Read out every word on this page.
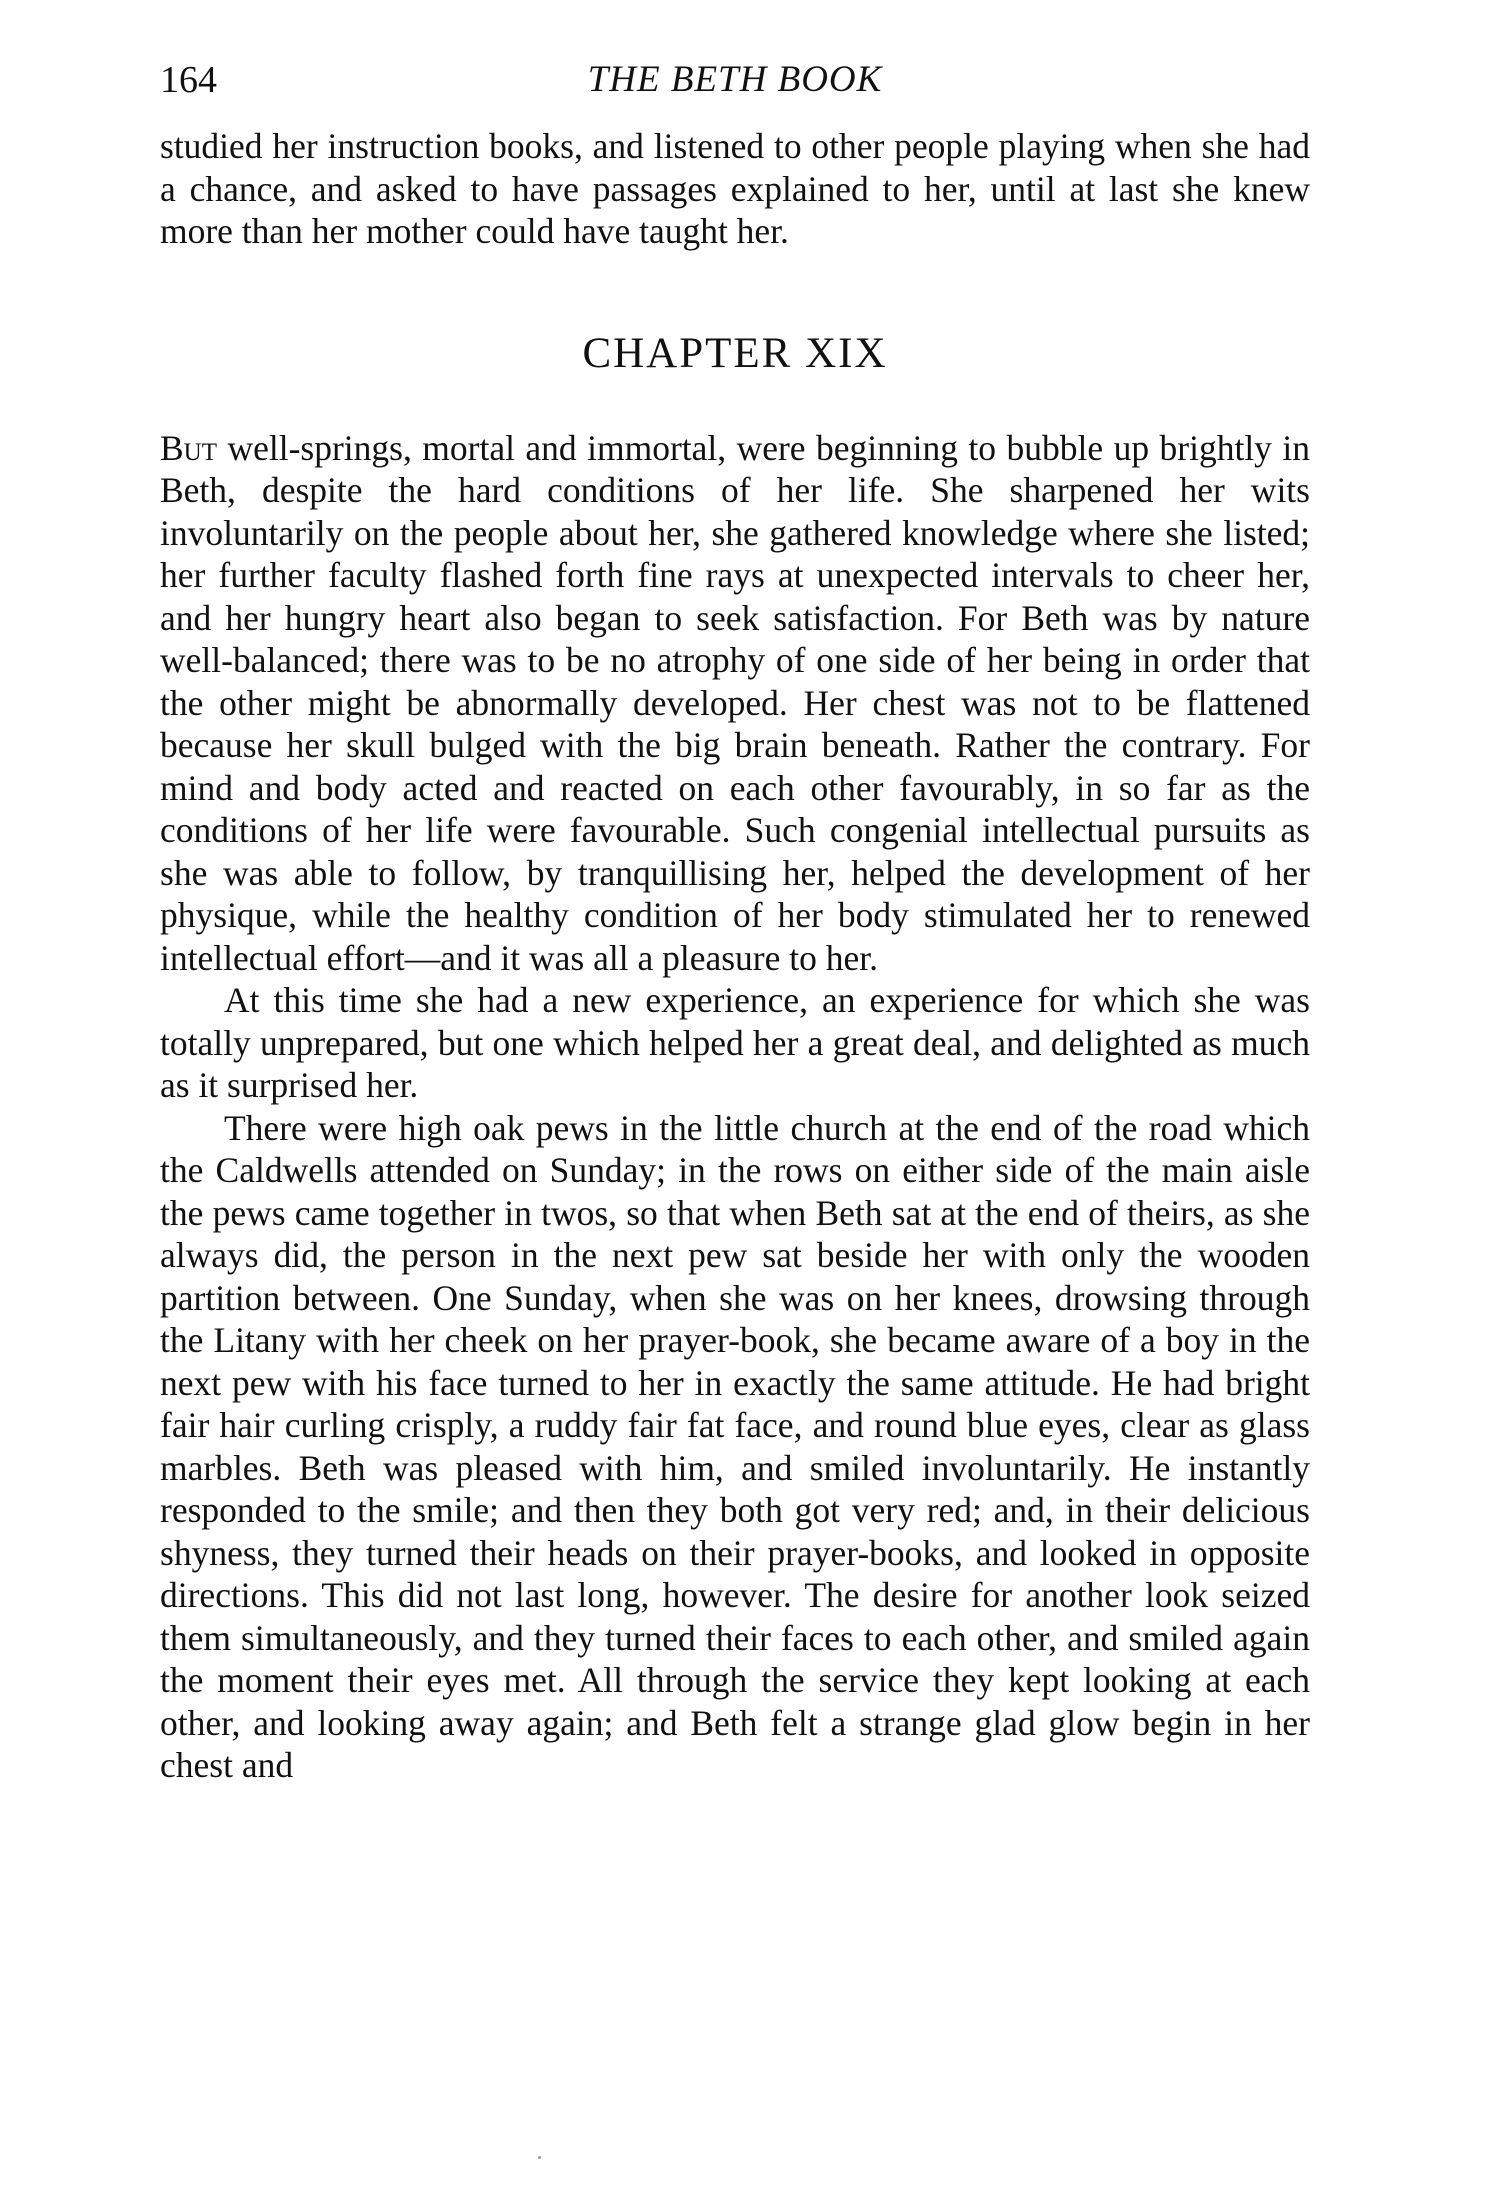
164	THE BETH BOOK

studied her instruction books, and listened to other people playing when she had a chance, and asked to have passages explained to her, until at last she knew more than her mother could have taught her.

CHAPTER XIX

But well-springs, mortal and immortal, were beginning to bubble up brightly in Beth, despite the hard conditions of her life. She sharpened her wits involuntarily on the people about her, she gathered knowledge where she listed; her further faculty flashed forth fine rays at unexpected intervals to cheer her, and her hungry heart also began to seek satisfaction. For Beth was by nature well-balanced; there was to be no atrophy of one side of her being in order that the other might be abnormally developed. Her chest was not to be flattened because her skull bulged with the big brain beneath. Rather the contrary. For mind and body acted and reacted on each other favourably, in so far as the conditions of her life were favourable. Such congenial intellectual pursuits as she was able to follow, by tranquillising her, helped the development of her physique, while the healthy condition of her body stimulated her to renewed intellectual effort—and it was all a pleasure to her.

At this time she had a new experience, an experience for which she was totally unprepared, but one which helped her a great deal, and delighted as much as it surprised her.

There were high oak pews in the little church at the end of the road which the Caldwells attended on Sunday; in the rows on either side of the main aisle the pews came together in twos, so that when Beth sat at the end of theirs, as she always did, the person in the next pew sat beside her with only the wooden partition between. One Sunday, when she was on her knees, drowsing through the Litany with her cheek on her prayer-book, she became aware of a boy in the next pew with his face turned to her in exactly the same attitude. He had bright fair hair curling crisply, a ruddy fair fat face, and round blue eyes, clear as glass marbles. Beth was pleased with him, and smiled involuntarily. He instantly responded to the smile; and then they both got very red; and, in their delicious shyness, they turned their heads on their prayer-books, and looked in opposite directions. This did not last long, however. The desire for another look seized them simultaneously, and they turned their faces to each other, and smiled again the moment their eyes met. All through the service they kept looking at each other, and looking away again; and Beth felt a strange glad glow begin in her chest and
